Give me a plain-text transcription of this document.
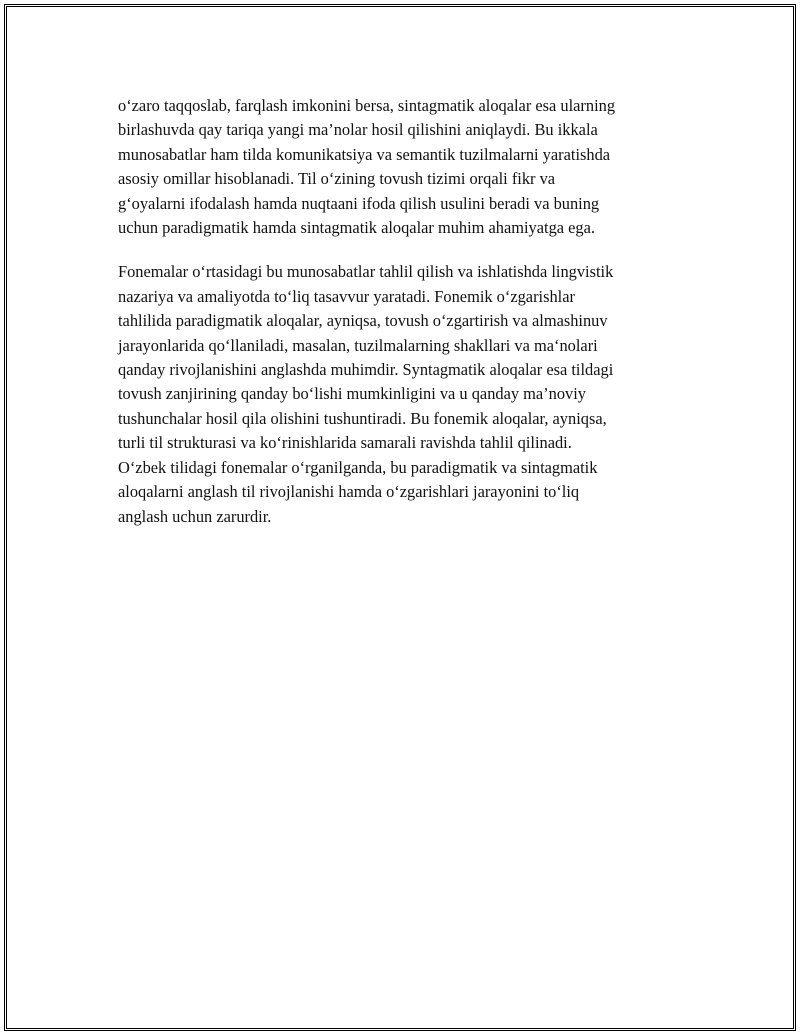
o‘zaro taqqoslab, farqlash imkonini bersa, sintagmatik aloqalar esa ularning
birlashuvda qay tariqa yangi ma’nolar hosil qilishini aniqlaydi. Bu ikkala
munosabatlar ham tilda komunikatsiya va semantik tuzilmalarni yaratishda
asosiy omillar hisoblanadi. Til o‘zining tovush tizimi orqali fikr va
g‘oyalarni ifodalash hamda nuqtaani ifoda qilish usulini beradi va buning
uchun paradigmatik hamda sintagmatik aloqalar muhim ahamiyatga ega.

Fonemalar o‘rtasidagi bu munosabatlar tahlil qilish va ishlatishda lingvistik
nazariya va amaliyotda to‘liq tasavvur yaratadi. Fonemik o‘zgarishlar
tahlilida paradigmatik aloqalar, ayniqsa, tovush o‘zgartirish va almashinuv
jarayonlarida qo‘llaniladi, masalan, tuzilmalarning shakllari va ma‘nolari
qanday rivojlanishini anglashda muhimdir. Syntagmatik aloqalar esa tildagi
tovush zanjirining qanday bo‘lishi mumkinligini va u qanday ma’noviy
tushunchalar hosil qila olishini tushuntiradi. Bu fonemik aloqalar, ayniqsa,
turli til strukturasi va ko‘rinishlarida samarali ravishda tahlil qilinadi.
O‘zbek tilidagi fonemalar o‘rganilganda, bu paradigmatik va sintagmatik
aloqalarni anglash til rivojlanishi hamda o‘zgarishlari jarayonini to‘liq
anglash uchun zarurdir.
